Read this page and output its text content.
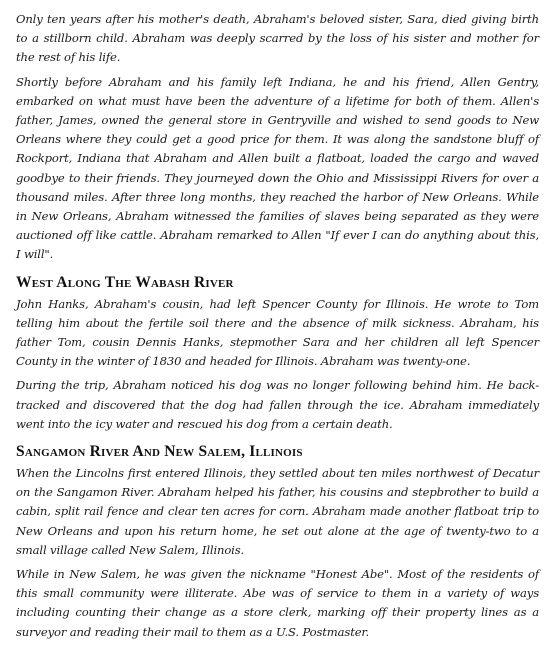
Only ten years after his mother's death, Abraham's beloved sister, Sara, died giving birth to a stillborn child. Abraham was deeply scarred by the loss of his sister and mother for the rest of his life.

Shortly before Abraham and his family left Indiana, he and his friend, Allen Gentry, embarked on what must have been the adventure of a lifetime for both of them. Allen's father, James, owned the general store in Gentryville and wished to send goods to New Orleans where they could get a good price for them. It was along the sandstone bluff of Rockport, Indiana that Abraham and Allen built a flatboat, loaded the cargo and waved goodbye to their friends. They journeyed down the Ohio and Mississippi Rivers for over a thousand miles. After three long months, they reached the harbor of New Orleans. While in New Orleans, Abraham witnessed the families of slaves being separated as they were auctioned off like cattle. Abraham remarked to Allen "If ever I can do anything about this, I will".

West Along The Wabash River

John Hanks, Abraham's cousin, had left Spencer County for Illinois. He wrote to Tom telling him about the fertile soil there and the absence of milk sickness. Abraham, his father Tom, cousin Dennis Hanks, stepmother Sara and her children all left Spencer County in the winter of 1830 and headed for Illinois. Abraham was twenty-one.

During the trip, Abraham noticed his dog was no longer following behind him. He back-tracked and discovered that the dog had fallen through the ice. Abraham immediately went into the icy water and rescued his dog from a certain death.

Sangamon River And New Salem, Illinois

When the Lincolns first entered Illinois, they settled about ten miles northwest of Decatur on the Sangamon River. Abraham helped his father, his cousins and stepbrother to build a cabin, split rail fence and clear ten acres for corn. Abraham made another flatboat trip to New Orleans and upon his return home, he set out alone at the age of twenty-two to a small village called New Salem, Illinois.

While in New Salem, he was given the nickname "Honest Abe". Most of the residents of this small community were illiterate. Abe was of service to them in a variety of ways including counting their change as a store clerk, marking off their property lines as a surveyor and reading their mail to them as a U.S. Postmaster.
